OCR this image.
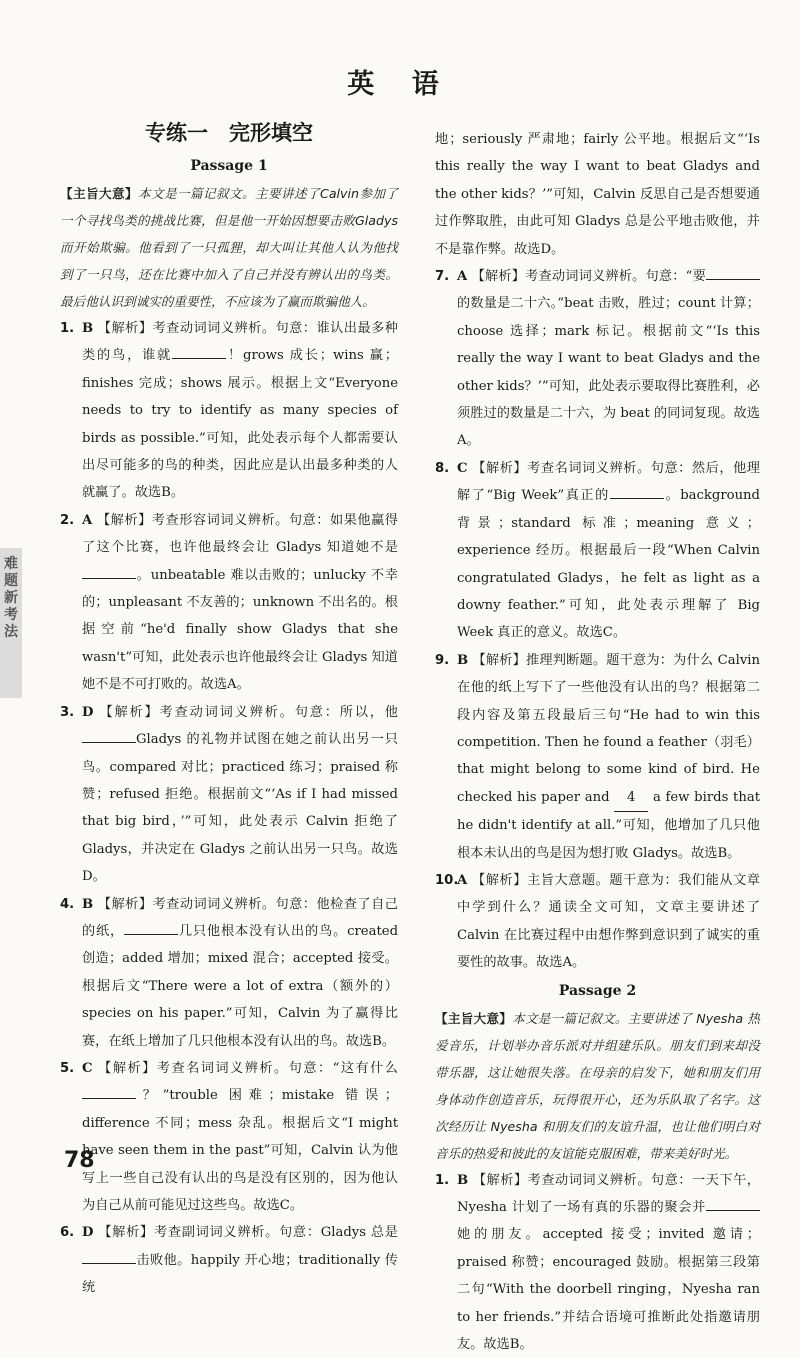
英 语
难题新考法
专练一　完形填空
Passage 1
【主旨大意】本文是一篇记叙文。主要讲述了Calvin参加了一个寻找鸟类的挑战比赛，但是他一开始因想要击败Gladys而开始欺骗。他看到了一只孤狸，却大叫让其他人认为他找到了一只鸟，还在比赛中加入了自己并没有辨认出的鸟类。最后他认识到诚实的重要性，不应该为了赢而欺骗他人。
1. B 【解析】考查动词词义辨析。句意：谁认出最多种类的鸟，谁就	！grows 成长；wins 赢；finishes 完成；shows 展示。根据上文“Everyone needs to try to identify as many species of birds as possible.”可知，此处表示每个人都需要认出尽可能多的鸟的种类，因此应是认出最多种类的人就赢了。故选B。
2. A 【解析】考查形容词词义辨析。句意：如果他赢得了这个比赛，也许他最终会让 Gladys 知道她不是。unbeatable 难以击败的；unlucky 不幸的；unpleasant 不友善的；unknown 不出名的。根据空前“he'd finally show Gladys that she wasn't”可知，此处表示也许他最终会让 Gladys 知道她不是不可打败的。故选A。
3. D 【解析】考查动词词义辨析。句意：所以，他Gladys 的礼物并试图在她之前认出另一只鸟。compared 对比；practiced 练习；praised 称赞；refused 拒绝。根据前文“‘As if I had missed that big bird，’”可知，此处表示 Calvin 拒绝了 Gladys，并决定在 Gladys 之前认出另一只鸟。故选D。
4. B 【解析】考查动词词义辨析。句意：他检查了自己的纸，	几只他根本没有认出的鸟。created 创造；added 增加；mixed 混合；accepted 接受。根据后文“There were a lot of extra（额外的）species on his paper.”可知，Calvin 为了赢得比赛，在纸上增加了几只他根本没有认出的鸟。故选B。
5. C 【解析】考查名词词义辨析。句意：“这有什么？”trouble 困难；mistake 错误；difference 不同；mess 杂乱。根据后文“I might have seen them in the past”可知，Calvin 认为他写上一些自己没有认出的鸟是没有区别的，因为他认为自己从前可能见过这些鸟。故选C。
6. D 【解析】考查副词词义辨析。句意：Gladys 总是击败他。happily 开心地；traditionally 传统
地；seriously 严肃地；fairly 公平地。根据后文“‘Is this really the way I want to beat Gladys and the other kids？’”可知，Calvin 反思自己是否想要通过作弊取胜，由此可知 Gladys 总是公平地击败他，并不是靠作弊。故选D。
7. A 【解析】考查动词词义辨析。句意：“要的数量是二十六。”beat 击败，胜过；count 计算；choose 选择；mark 标记。根据前文“‘Is this really the way I want to beat Gladys and the other kids？’”可知，此处表示要取得比赛胜利，必须胜过的数量是二十六，为 beat 的同词复现。故选A。
8. C 【解析】考查名词词义辨析。句意：然后，他理解了“Big Week”真正的	。background 背景；standard 标准；meaning 意义；experience 经历。根据最后一段“When Calvin congratulated Gladys，he felt as light as a downy feather.”可知，此处表示理解了 Big Week 真正的意义。故选C。
9. B 【解析】推理判断题。题干意为：为什么 Calvin 在他的纸上写下了一些他没有认出的鸟？根据第二段内容及第五段最后三句“He had to win this competition. Then he found a feather（羽毛）that might belong to some kind of bird. He checked his paper and 4 a few birds that he didn't identify at all.”可知，他增加了几只他根本未认出的鸟是因为想打败 Gladys。故选B。
10.
A 【解析】主旨大意题。题干意为：我们能从文章中学到什么？通读全文可知，文章主要讲述了 Calvin 在比赛过程中由想作弊到意识到了诚实的重要性的故事。故选A。
Passage 2
【主旨大意】本文是一篇记叙文。主要讲述了 Nyesha 热爱音乐，计划举办音乐派对并组建乐队。朋友们到来却没带乐器，这让她很失落。在母亲的启发下，她和朋友们用身体动作创造音乐，玩得很开心，还为乐队取了名字。这次经历让 Nyesha 和朋友们的友谊升温，也让他们明白对音乐的热爱和彼此的友谊能克服困难，带来美好时光。
1. B 【解析】考查动词词义辨析。句意：一天下午，Nyesha 计划了一场有真的乐器的聚会并她的朋友。accepted 接受；invited 邀请；praised 称赞；encouraged 鼓励。根据第三段第二句“With the doorbell ringing，Nyesha ran to her friends.”并结合语境可推断此处指邀请朋友。故选B。
78
